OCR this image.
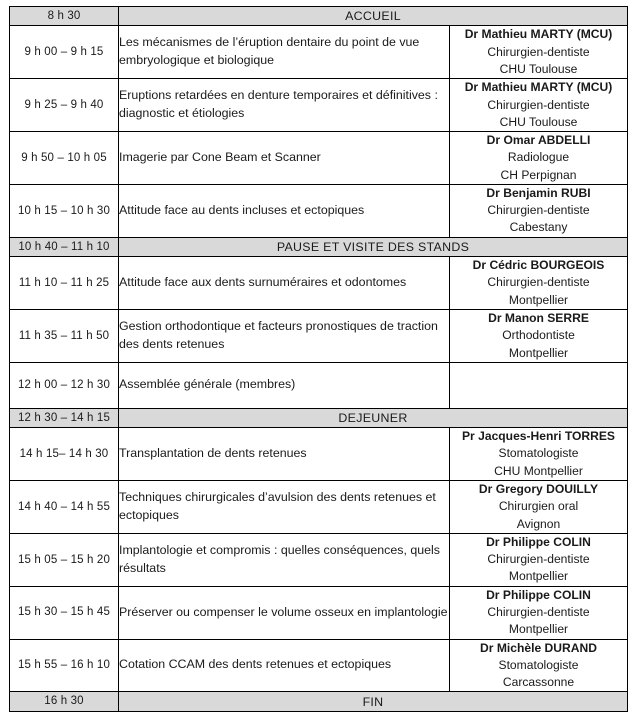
8 h 30	ACCUEIL	
9 h 00 – 9 h 15	Les mécanismes de l’éruption dentaire du point de vue embryologique et biologique	Dr Mathieu MARTY (MCU)
Chirurgien-dentiste
CHU Toulouse

9 h 25 – 9 h 40	Eruptions retardées en denture temporaires et définitives : diagnostic et étiologies	Dr Mathieu MARTY (MCU)
Chirurgien-dentiste
CHU Toulouse

9 h 50 – 10 h 05	Imagerie par Cone Beam et Scanner	Dr Omar ABDELLI
Radiologue
CH Perpignan

10 h 15 – 10 h 30	Attitude face au dents incluses et ectopiques	Dr Benjamin RUBI
Chirurgien-dentiste
Cabestany

10 h 40 – 11 h 10	PAUSE ET VISITE DES STANDS	
11 h 10 – 11 h 25	Attitude face aux dents surnuméraires et odontomes	Dr Cédric BOURGEOIS
Chirurgien-dentiste
Montpellier

11 h 35 – 11 h 50	Gestion orthodontique et facteurs pronostiques de traction des dents retenues	Dr Manon SERRE
Orthodontiste
Montpellier

12 h 00 – 12 h 30	Assemblée générale (membres)	
12 h 30 – 14 h 15	DEJEUNER	
14 h 15– 14 h 30	Transplantation de dents retenues	Pr Jacques-Henri TORRES
Stomatologiste
CHU Montpellier

14 h 40 – 14 h 55	Techniques chirurgicales d’avulsion des dents retenues et ectopiques	Dr Gregory DOUILLY
Chirurgien oral
Avignon

15 h 05 – 15 h 20	Implantologie et compromis : quelles conséquences, quels résultats	Dr Philippe COLIN
Chirurgien-dentiste
Montpellier

15 h 30 – 15 h 45	Préserver ou compenser le volume osseux en implantologie	Dr Philippe COLIN
Chirurgien-dentiste
Montpellier

15 h 55 – 16 h 10	Cotation CCAM des dents retenues et ectopiques	Dr Michèle DURAND
Stomatologiste
Carcassonne

16 h 30	FIN	
